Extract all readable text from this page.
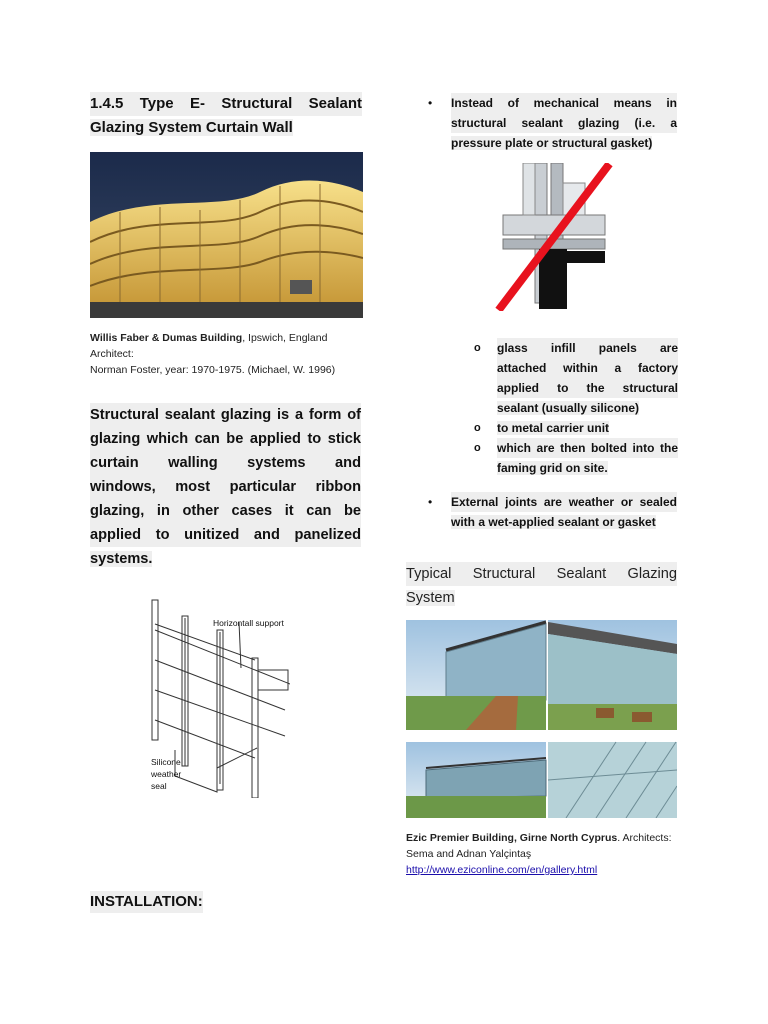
1.4.5 Type E- Structural Sealant
Glazing System Curtain Wall
Willis Faber & Dumas Building, Ipswich, England Architect:
Norman Foster, year: 1970-1975. (Michael, W. 1996)
Structural sealant glazing is a form of
glazing which can be applied to stick
curtain walling systems and
windows, most particular ribbon
glazing, in other cases it can be
applied to unitized and panelized
systems.
Horizontall support
Silicone
weather
seal
INSTALLATION:
• Instead of mechanical means in
structural sealant glazing (i.e. a
pressure plate or structural gasket)
o glass infill panels are
attached within a factory
applied to the structural
sealant (usually silicone)
o to metal carrier unit
o which are then bolted into the
faming grid on site.
• External joints are weather or sealed
with a wet-applied sealant or gasket
Typical Structural Sealant Glazing
System
Ezic Premier Building, Girne North Cyprus. Architects:
Sema and Adnan Yalçintaş
http://www.eziconline.com/en/gallery.html
